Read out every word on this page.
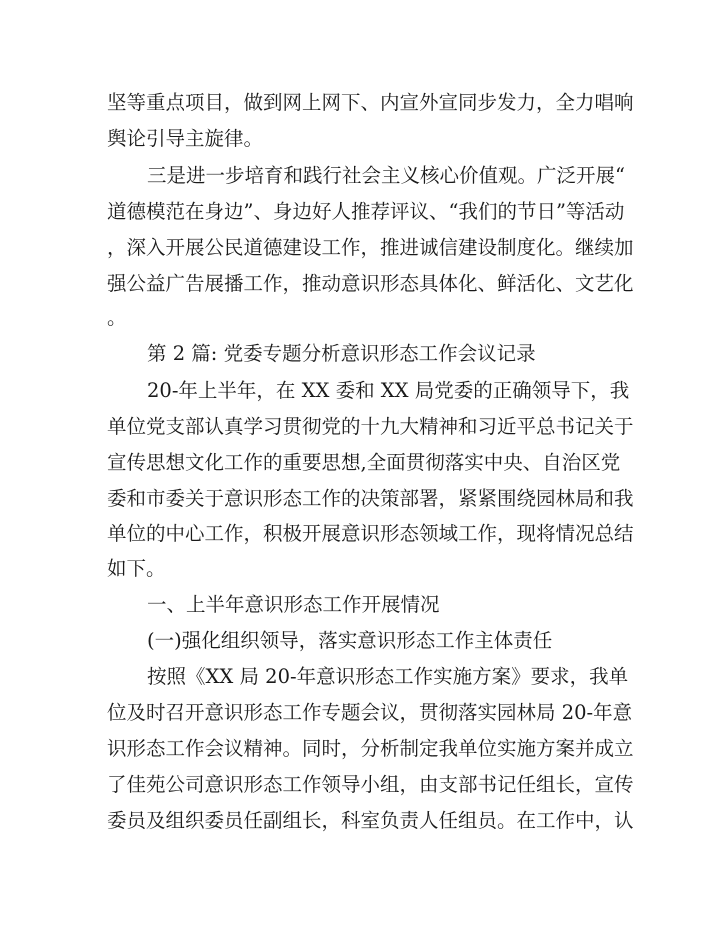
坚等重点项目，做到网上网下、内宣外宣同步发力，全力唱响
舆论引导主旋律。
三是进一步培育和践行社会主义核心价值观。广泛开展“
道德模范在身边”、身边好人推荐评议、“我们的节日”等活动
，深入开展公民道德建设工作，推进诚信建设制度化。继续加
强公益广告展播工作，推动意识形态具体化、鲜活化、文艺化
。
第 2 篇: 党委专题分析意识形态工作会议记录
20-年上半年，在 XX 委和 XX 局党委的正确领导下，我
单位党支部认真学习贯彻党的十九大精神和习近平总书记关于
宣传思想文化工作的重要思想,全面贯彻落实中央、自治区党
委和市委关于意识形态工作的决策部署，紧紧围绕园林局和我
单位的中心工作，积极开展意识形态领域工作，现将情况总结
如下。
一、上半年意识形态工作开展情况
(一)强化组织领导，落实意识形态工作主体责任
按照《XX 局 20-年意识形态工作实施方案》要求，我单
位及时召开意识形态工作专题会议，贯彻落实园林局 20-年意
识形态工作会议精神。同时，分析制定我单位实施方案并成立
了佳苑公司意识形态工作领导小组，由支部书记任组长，宣传
委员及组织委员任副组长，科室负责人任组员。在工作中，认
